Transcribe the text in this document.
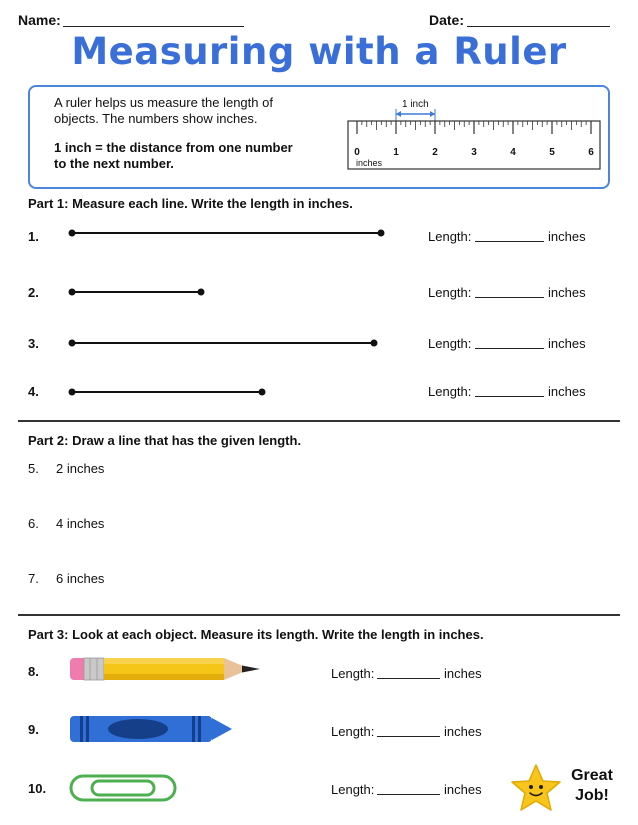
Name:	Date:
Measuring with a Ruler
A ruler helps us measure the length of
objects. The numbers show inches.
1 inch = the distance from one number
to the next number.
1 inch
0	1	2	3	4	5	6
inches
Part 1: Measure each line. Write the length in inches.
1.	Length:	inches
2.	Length:	inches
3.	Length:	inches
4.	Length:	inches
Part 2: Draw a line that has the given length.
5. 2 inches
6. 4 inches
7. 6 inches
Part 3: Look at each object. Measure its length. Write the length in inches.
8.	Length:	inches
9.	Length:	inches
10.	Length:	inches
Great
Job!
